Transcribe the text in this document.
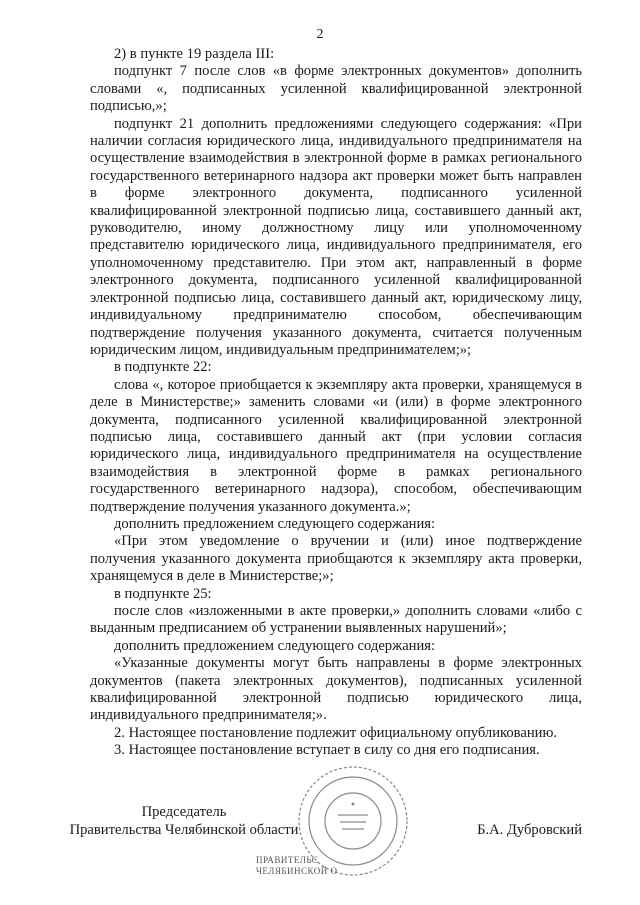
2

2) в пункте 19 раздела III:

подпункт 7 после слов «в форме электронных документов» дополнить словами «, подписанных усиленной квалифицированной электронной подписью,»;

подпункт 21 дополнить предложениями следующего содержания: «При наличии согласия юридического лица, индивидуального предпринимателя на осуществление взаимодействия в электронной форме в рамках регионального государственного ветеринарного надзора акт проверки может быть направлен в форме электронного документа, подписанного усиленной квалифицированной электронной подписью лица, составившего данный акт, руководителю, иному должностному лицу или уполномоченному представителю юридического лица, индивидуального предпринимателя, его уполномоченному представителю. При этом акт, направленный в форме электронного документа, подписанного усиленной квалифицированной электронной подписью лица, составившего данный акт, юридическому лицу, индивидуальному предпринимателю способом, обеспечивающим подтверждение получения указанного документа, считается полученным юридическим лицом, индивидуальным предпринимателем;»;

в подпункте 22:

слова «, которое приобщается к экземпляру акта проверки, хранящемуся в деле в Министерстве;» заменить словами «и (или) в форме электронного документа, подписанного усиленной квалифицированной электронной подписью лица, составившего данный акт (при условии согласия юридического лица, индивидуального предпринимателя на осуществление взаимодействия в электронной форме в рамках регионального государственного ветеринарного надзора), способом, обеспечивающим подтверждение получения указанного документа.»;

дополнить предложением следующего содержания:

«При этом уведомление о вручении и (или) иное подтверждение получения указанного документа приобщаются к экземпляру акта проверки, хранящемуся в деле в Министерстве;»;

в подпункте 25:

после слов «изложенными в акте проверки,» дополнить словами «либо с выданным предписанием об устранении выявленных нарушений»;

дополнить предложением следующего содержания:

«Указанные документы могут быть направлены в форме электронных документов (пакета электронных документов), подписанных усиленной квалифицированной электронной подписью юридического лица, индивидуального предпринимателя;».

2. Настоящее постановление подлежит официальному опубликованию.

3. Настоящее постановление вступает в силу со дня его подписания.

ПРАВИТЕЛЬС
ЧЕЛЯБИНСКОЙ О
Председатель
Правительства Челябинской области	Б.А. Дубровский
